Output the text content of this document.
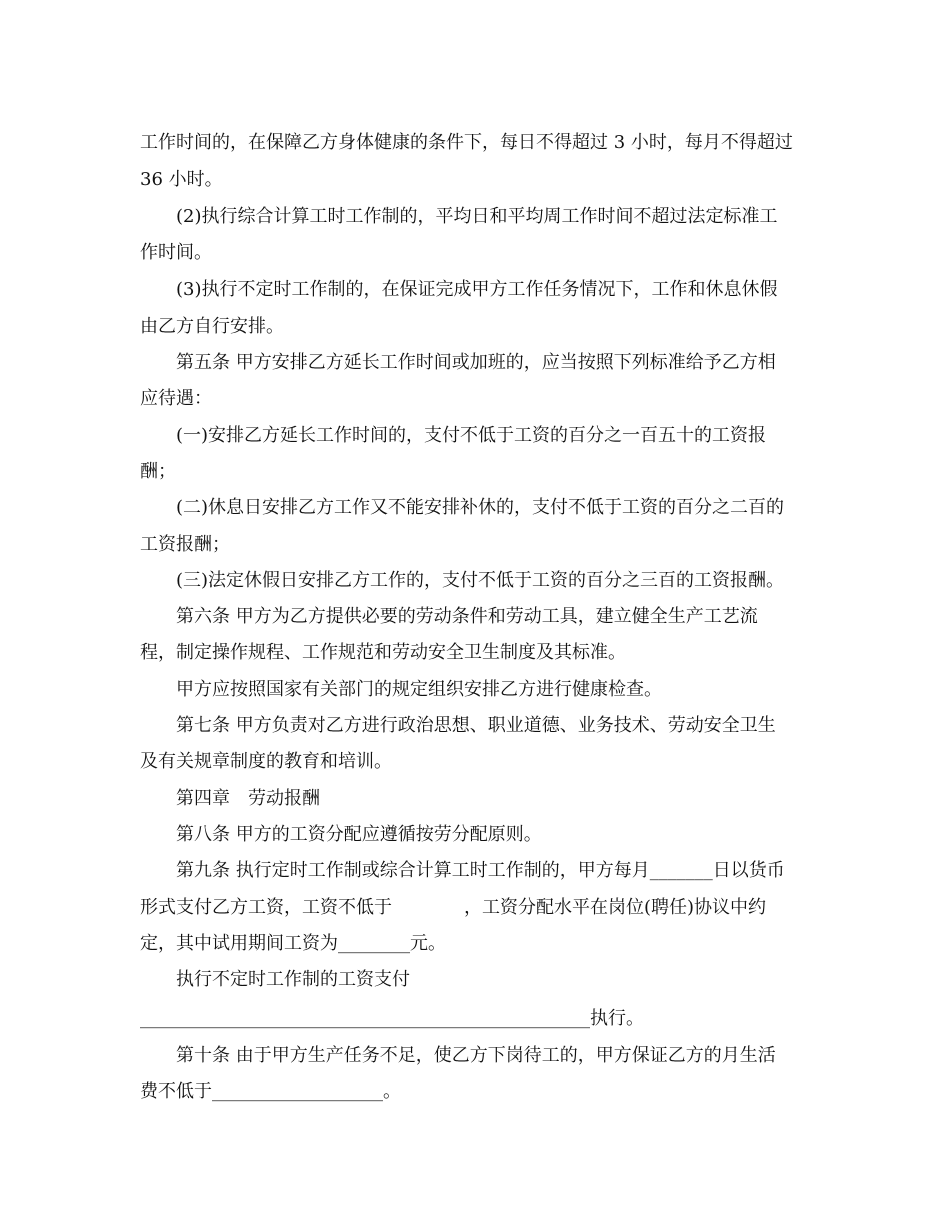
工作时间的，在保障乙方身体健康的条件下，每日不得超过 3 小时，每月不得超过
36 小时。
(2)执行综合计算工时工作制的，平均日和平均周工作时间不超过法定标准工
作时间。
(3)执行不定时工作制的，在保证完成甲方工作任务情况下，工作和休息休假
由乙方自行安排。
第五条 甲方安排乙方延长工作时间或加班的，应当按照下列标准给予乙方相
应待遇：
(一)安排乙方延长工作时间的，支付不低于工资的百分之一百五十的工资报
酬；
(二)休息日安排乙方工作又不能安排补休的，支付不低于工资的百分之二百的
工资报酬；
(三)法定休假日安排乙方工作的，支付不低于工资的百分之三百的工资报酬。
第六条 甲方为乙方提供必要的劳动条件和劳动工具，建立健全生产工艺流
程，制定操作规程、工作规范和劳动安全卫生制度及其标准。
甲方应按照国家有关部门的规定组织安排乙方进行健康检查。
第七条 甲方负责对乙方进行政治思想、职业道德、业务技术、劳动安全卫生
及有关规章制度的教育和培训。
第四章　劳动报酬
第八条 甲方的工资分配应遵循按劳分配原则。
第九条 执行定时工作制或综合计算工时工作制的，甲方每月_______日以货币
形式支付乙方工资，工资不低于　　　　，工资分配水平在岗位(聘任)协议中约
定，其中试用期间工资为________元。
执行不定时工作制的工资支付
__________________________________________________执行。
第十条 由于甲方生产任务不足，使乙方下岗待工的，甲方保证乙方的月生活
费不低于___________________。
